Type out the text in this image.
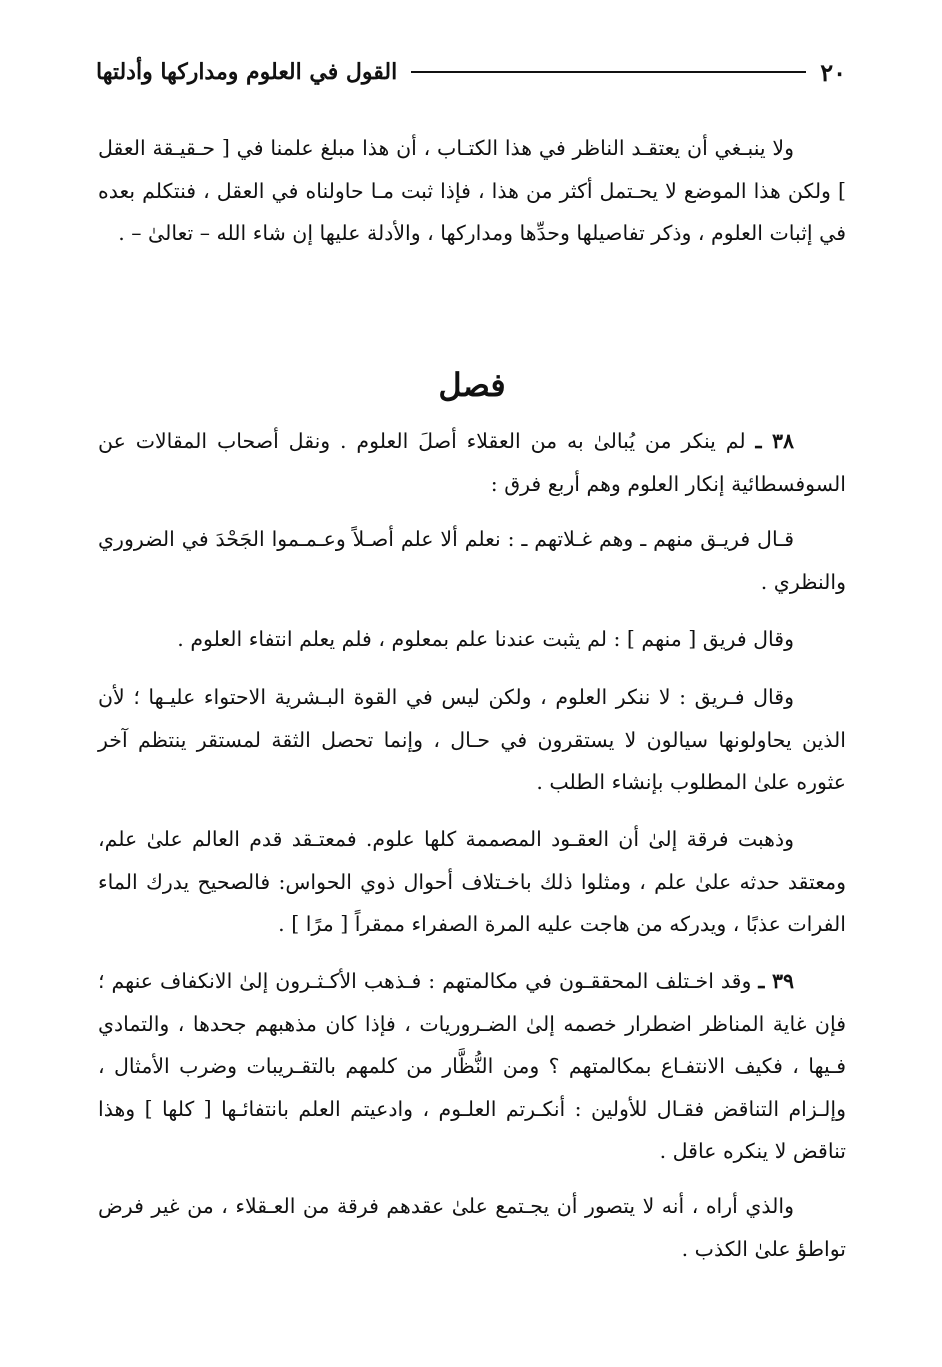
٢٠
القول في العلوم ومداركها وأدلتها

ولا ينبـغي أن يعتقـد الناظر في هذا الكتـاب ، أن هذا مبلغ علمنا في [ حـقيـقة العقل ] ولكن هذا الموضع لا يحـتمل أكثر من هذا ، فإذا ثبت مـا حاولناه في العقل ، فنتكلم بعده في إثبات العلوم ، وذكر تفاصيلها وحدِّها ومداركها ، والأدلة عليها إن شاء الله – تعالىٰ – .

فصل

٣٨ ـ لم ينكر من يُبالىٰ به من العقلاء أصلَ العلوم . ونقل أصحاب المقالات عن السوفسطائية إنكار العلوم وهم أربع فرق :

قـال فريـق منهم ـ وهم غـلاتهم ـ : نعلم ألا علم أصـلاً وعـمـموا الجَحْدَ في الضروري والنظري .

وقال فريق [ منهم ] : لم يثبت عندنا علم بمعلوم ، فلم يعلم انتفاء العلوم .

وقال فـريق : لا ننكر العلوم ، ولكن ليس في القوة البـشرية الاحتواء عليـها ؛ لأن الذين يحاولونها سيالون لا يستقرون في حـال ، وإنما تحصل الثقة لمستقر ينتظم آخر عثوره علىٰ المطلوب بإنشاء الطلب .

وذهبت فرقة إلىٰ أن العقـود المصممة كلها علوم. فمعتـقد قدم العالم علىٰ علم، ومعتقد حدثه علىٰ علم ، ومثلوا ذلك باخـتلاف أحوال ذوي الحواس: فالصحيح يدرك الماء الفرات عذبًا ، ويدركه من هاجت عليه المرة الصفراء ممقراً [ مرًا ] .

٣٩ ـ وقد اخـتلف المحققـون في مكالمتهم : فـذهب الأكـثـرون إلىٰ الانكفاف عنهم ؛ فإن غاية المناظر اضطرار خصمه إلىٰ الضـروريات ، فإذا كان مذهبهم جحدها ، والتمادي فـيها ، فكيف الانتفـاع بمكالمتهم ؟ ومن النُّظَّار من كلمهم بالتقـريبات وضرب الأمثال ، وإلـزام التناقض فقـال للأولين : أنكـرتم العلـوم ، وادعيتم العلم بانتفائـها [ كلها ] وهذا تناقض لا ينكره عاقل .

والذي أراه ، أنه لا يتصور أن يجـتمع علىٰ عقدهم فرقة من العـقلاء ، من غير فرض تواطؤ علىٰ الكذب .
